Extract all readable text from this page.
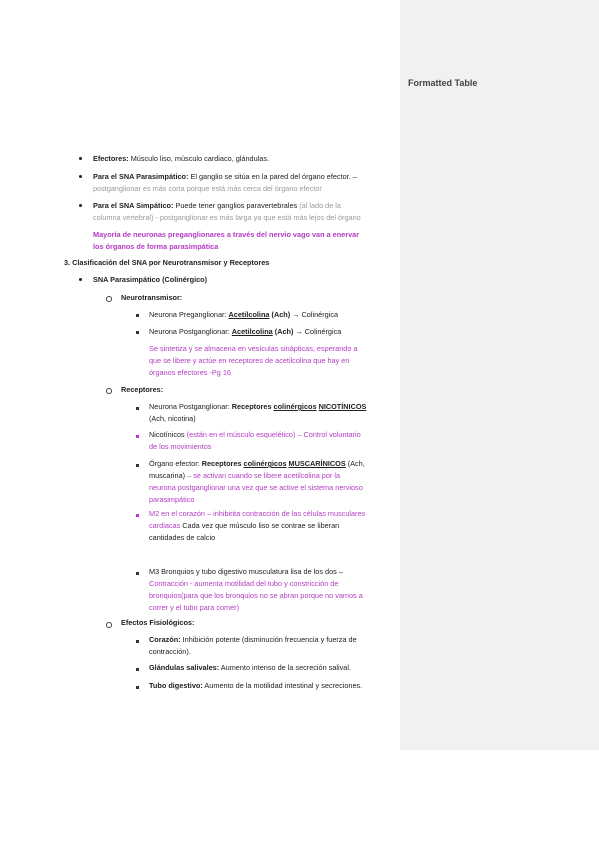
Efectores: Músculo liso, músculo cardiaco, glándulas.
Para el SNA Parasimpático: El ganglio se sitúa en la pared del órgano efector. –
postganglionar es más corta porque está más cerca del órgano efector
Para el SNA Simpático: Puede tener ganglios paravertebrales (al lado de la
columna vertebral) - postganglionar es más larga ya que está más lejos del órgano
Mayoría de neuronas preganglionares a través del nervio vago van a enervar
los órganos de forma parasimpática
3. Clasificación del SNA por Neurotransmisor y Receptores
SNA Parasimpático (Colinérgico)
Neurotransmisor:
Neurona Preganglionar: Acetilcolina (Ach) → Colinérgica
Neurona Postganglionar: Acetilcolina (Ach) → Colinérgica
Se sintetiza y se almacena en vesículas sinápticas, esperando a
que se libere y actúe en receptores de acetilcolina que hay en
órganos efectores -Pg 16
Receptores:
Neurona Postganglionar: Receptores colinérgicos NICOTÍNICOS
(Ach, nicotina)
Nicotínicos (están en el músculo esquelético) – Control voluntario
de los movimientos
Órgano efector: Receptores colinérgicos MUSCARÍNICOS (Ach,
muscarina) – se activan cuando se libere acetilcolina por la
neurona postganglionar una vez que se active el sistema nervioso
parasimpático
M2 en el corazón – inhibirita contracción de las células musculares
cardiacas Cada vez que músculo liso se contrae se liberan
cantidades de calcio
M3 Bronquios y tubo digestivo musculatura lisa de los dos –
Contracción - aumenta motilidad del tubo y constricción de
bronquios(para que los bronquios no se abran porque no vamos a
correr y el tubo para comer)
Efectos Fisiológicos:
Corazón: Inhibición potente (disminución frecuencia y fuerza de
contracción).
Glándulas salivales: Aumento intenso de la secreción salival.
Tubo digestivo: Aumento de la motilidad intestinal y secreciones.
Formatted Table
